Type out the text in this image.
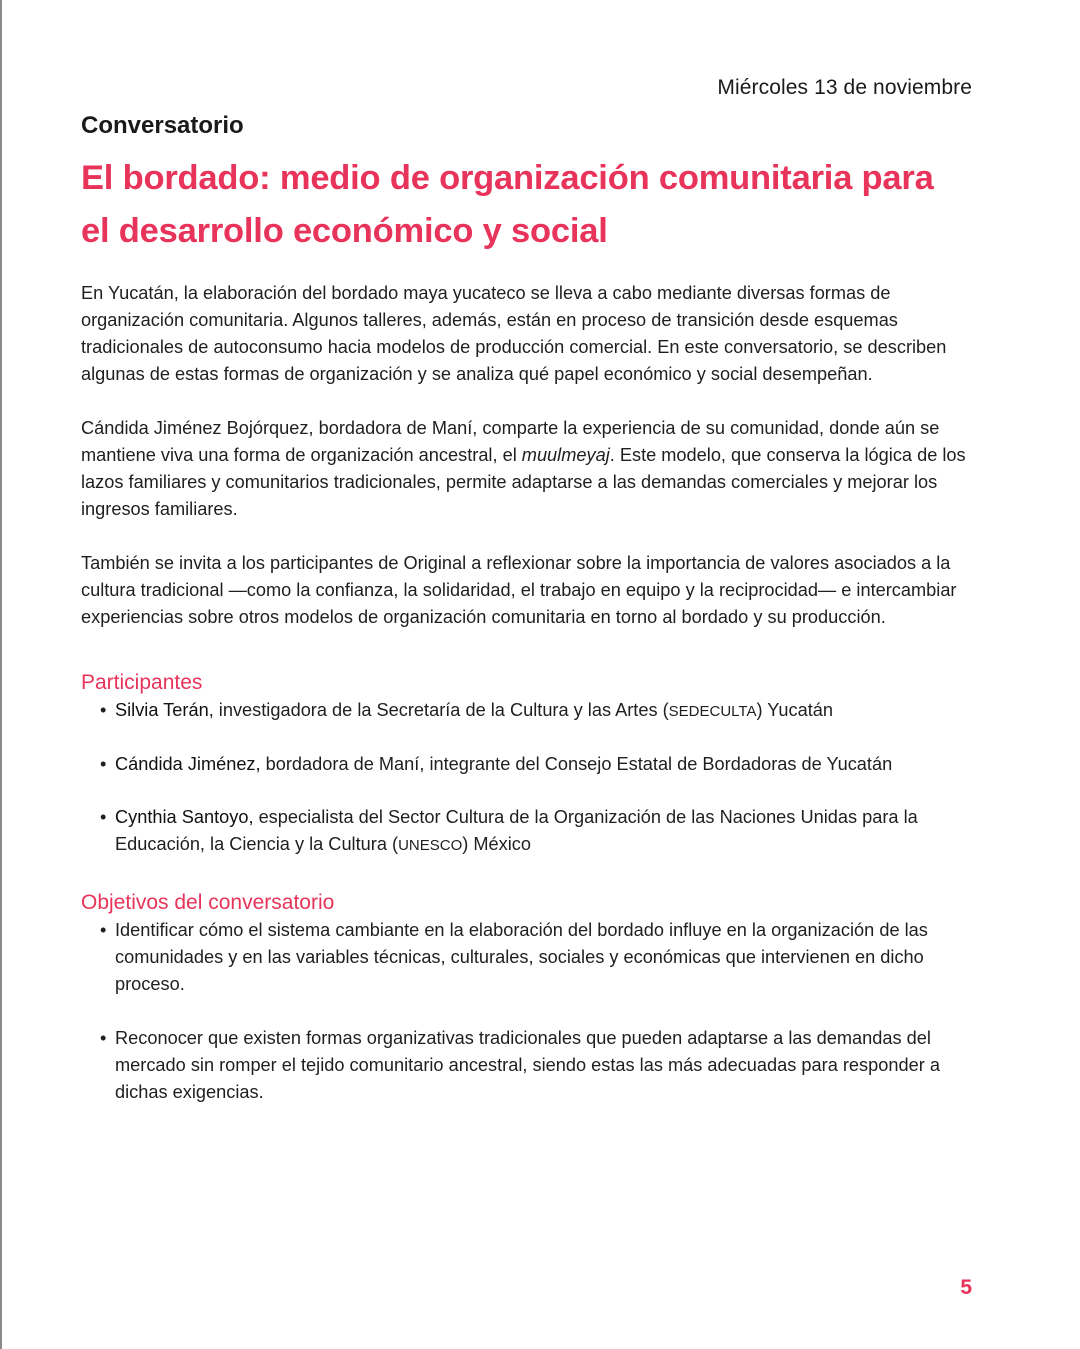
Miércoles 13 de noviembre
Conversatorio
El bordado: medio de organización comunitaria para el desarrollo económico y social

En Yucatán, la elaboración del bordado maya yucateco se lleva a cabo mediante diversas formas de organización comunitaria. Algunos talleres, además, están en proceso de transición desde esquemas tradicionales de autoconsumo hacia modelos de producción comercial. En este conversatorio, se describen algunas de estas formas de organización y se analiza qué papel económico y social desempeñan.

Cándida Jiménez Bojórquez, bordadora de Maní, comparte la experiencia de su comunidad, donde aún se mantiene viva una forma de organización ancestral, el muulmeyaj. Este modelo, que conserva la lógica de los lazos familiares y comunitarios tradicionales, permite adaptarse a las demandas comerciales y mejorar los ingresos familiares.

También se invita a los participantes de Original a reflexionar sobre la importancia de valores asociados a la cultura tradicional —como la confianza, la solidaridad, el trabajo en equipo y la reciprocidad— e intercambiar experiencias sobre otros modelos de organización comunitaria en torno al bordado y su producción.

Participantes
• Silvia Terán, investigadora de la Secretaría de la Cultura y las Artes (SEDECULTA) Yucatán
• Cándida Jiménez, bordadora de Maní, integrante del Consejo Estatal de Bordadoras de Yucatán
• Cynthia Santoyo, especialista del Sector Cultura de la Organización de las Naciones Unidas para la Educación, la Ciencia y la Cultura (UNESCO) México
Objetivos del conversatorio
• Identificar cómo el sistema cambiante en la elaboración del bordado influye en la organización de las comunidades y en las variables técnicas, culturales, sociales y económicas que intervienen en dicho proceso.
• Reconocer que existen formas organizativas tradicionales que pueden adaptarse a las demandas del mercado sin romper el tejido comunitario ancestral, siendo estas las más adecuadas para responder a dichas exigencias.
5
